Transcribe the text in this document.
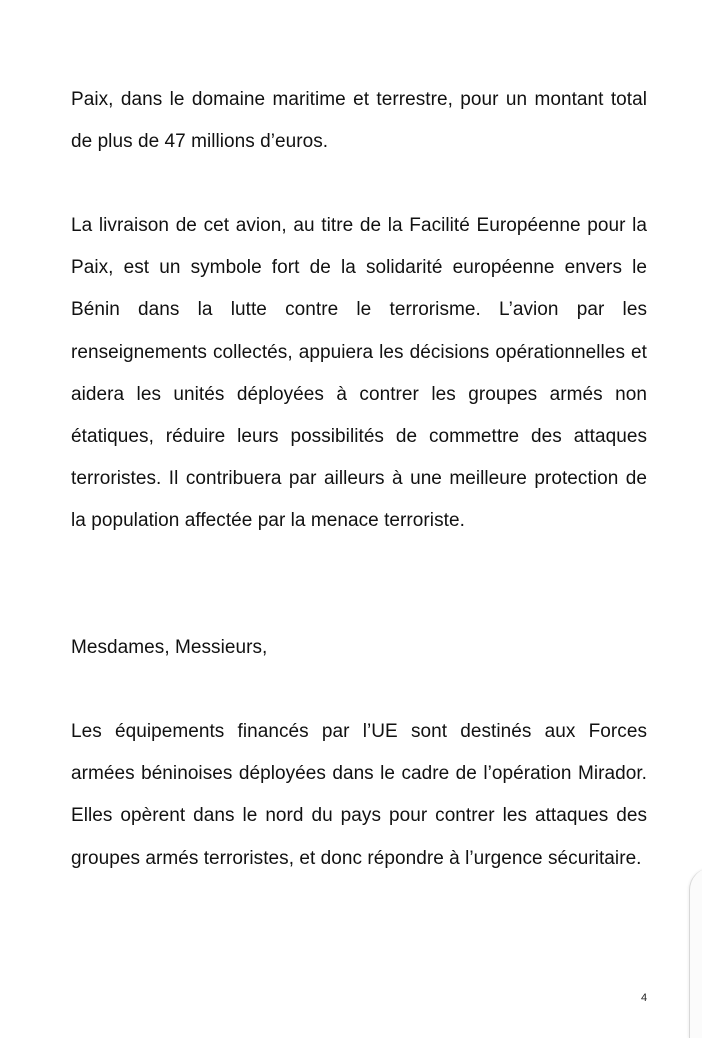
Paix, dans le domaine maritime et terrestre, pour un montant total de plus de 47 millions d’euros.

La livraison de cet avion, au titre de la Facilité Européenne pour la Paix, est un symbole fort de la solidarité européenne envers le Bénin dans la lutte contre le terrorisme. L’avion par les renseignements collectés, appuiera les décisions opérationnelles et aidera les unités déployées à contrer les groupes armés non étatiques, réduire leurs possibilités de commettre des attaques terroristes. Il contribuera par ailleurs à une meilleure protection de la population affectée par la menace terroriste.

Mesdames, Messieurs,

Les équipements financés par l’UE sont destinés aux Forces armées béninoises déployées dans le cadre de l’opération Mirador. Elles opèrent dans le nord du pays pour contrer les attaques des groupes armés terroristes, et donc répondre à l’urgence sécuritaire.

4
